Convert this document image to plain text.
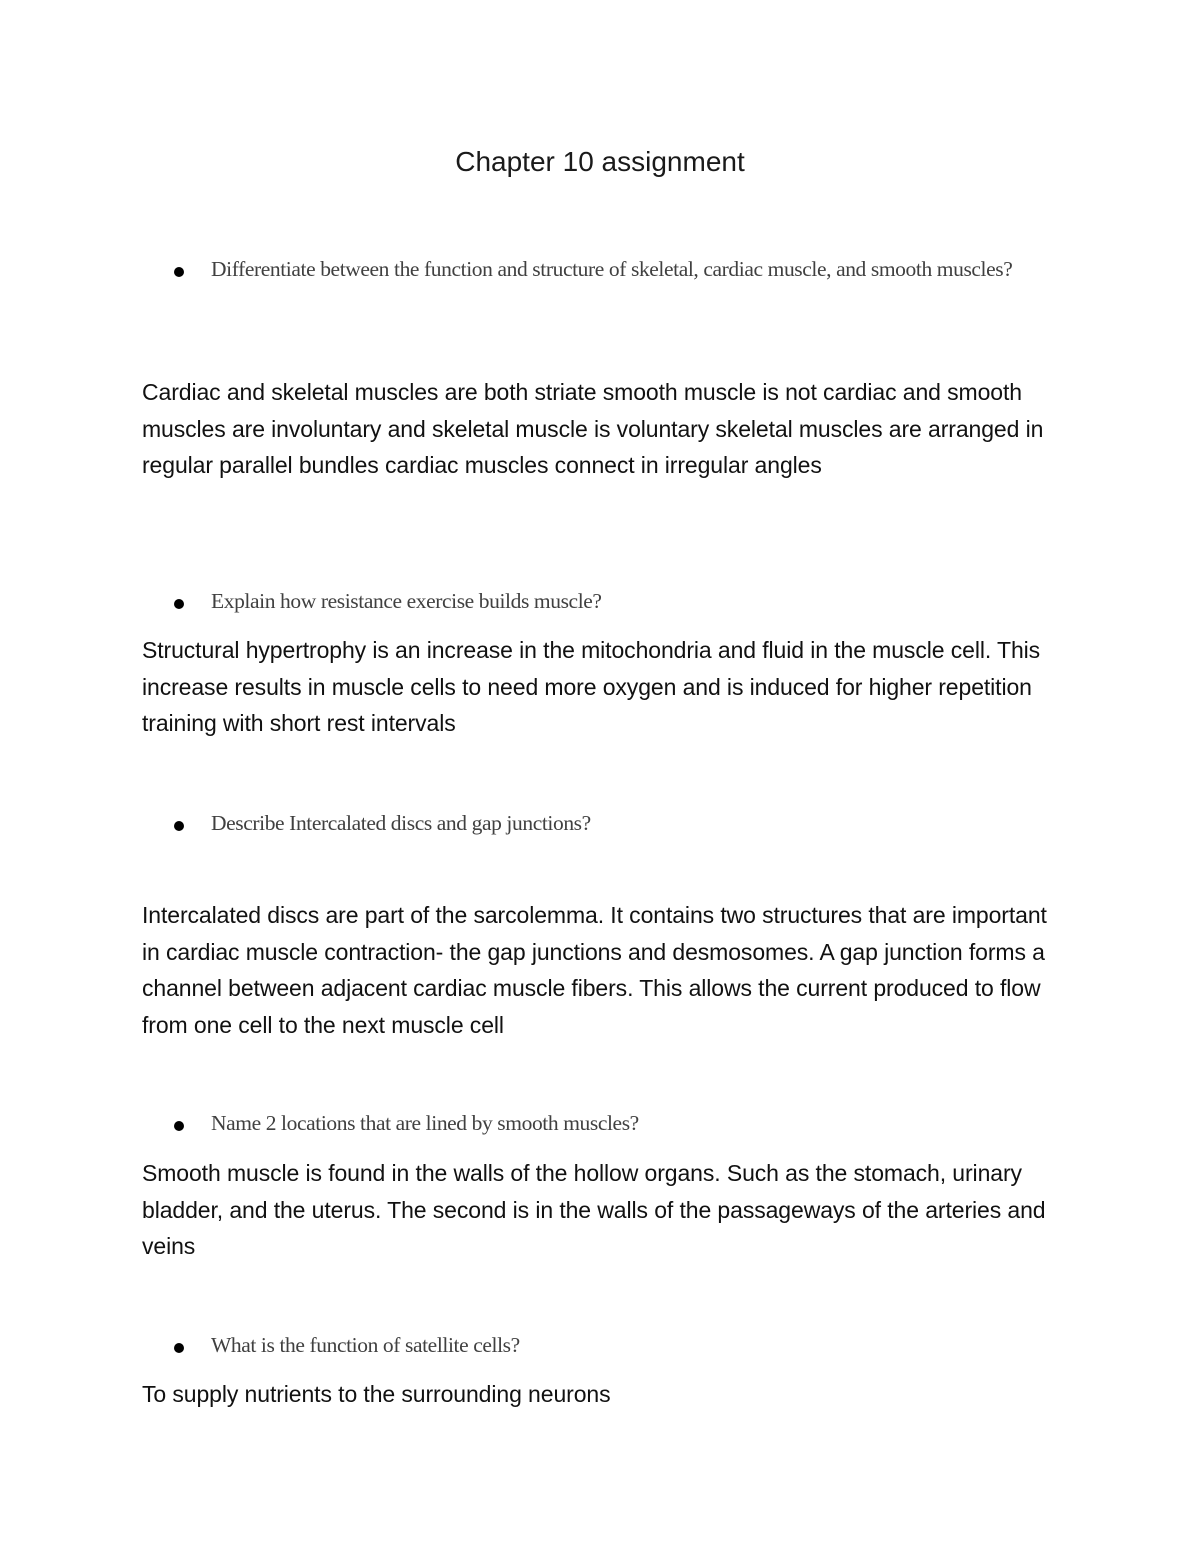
Chapter 10 assignment
Differentiate between the function and structure of skeletal, cardiac muscle, and smooth muscles?
Cardiac and skeletal muscles are both striate smooth muscle is not cardiac and smooth muscles are involuntary and skeletal muscle is voluntary skeletal muscles are arranged in regular parallel bundles cardiac muscles connect in irregular angles
Explain how resistance exercise builds muscle?
Structural hypertrophy is an increase in the mitochondria and fluid in the muscle cell. This increase results in muscle cells to need more oxygen and is induced for higher repetition training with short rest intervals
Describe Intercalated discs and gap junctions?
Intercalated discs are part of the sarcolemma. It contains two structures that are important in cardiac muscle contraction- the gap junctions and desmosomes. A gap junction forms a channel between adjacent cardiac muscle fibers. This allows the current produced to flow from one cell to the next muscle cell
Name 2 locations that are lined by smooth muscles?
Smooth muscle is found in the walls of the hollow organs. Such as the stomach, urinary bladder, and the uterus. The second is in the walls of the passageways of the arteries and veins
What is the function of satellite cells?
To supply nutrients to the surrounding neurons
